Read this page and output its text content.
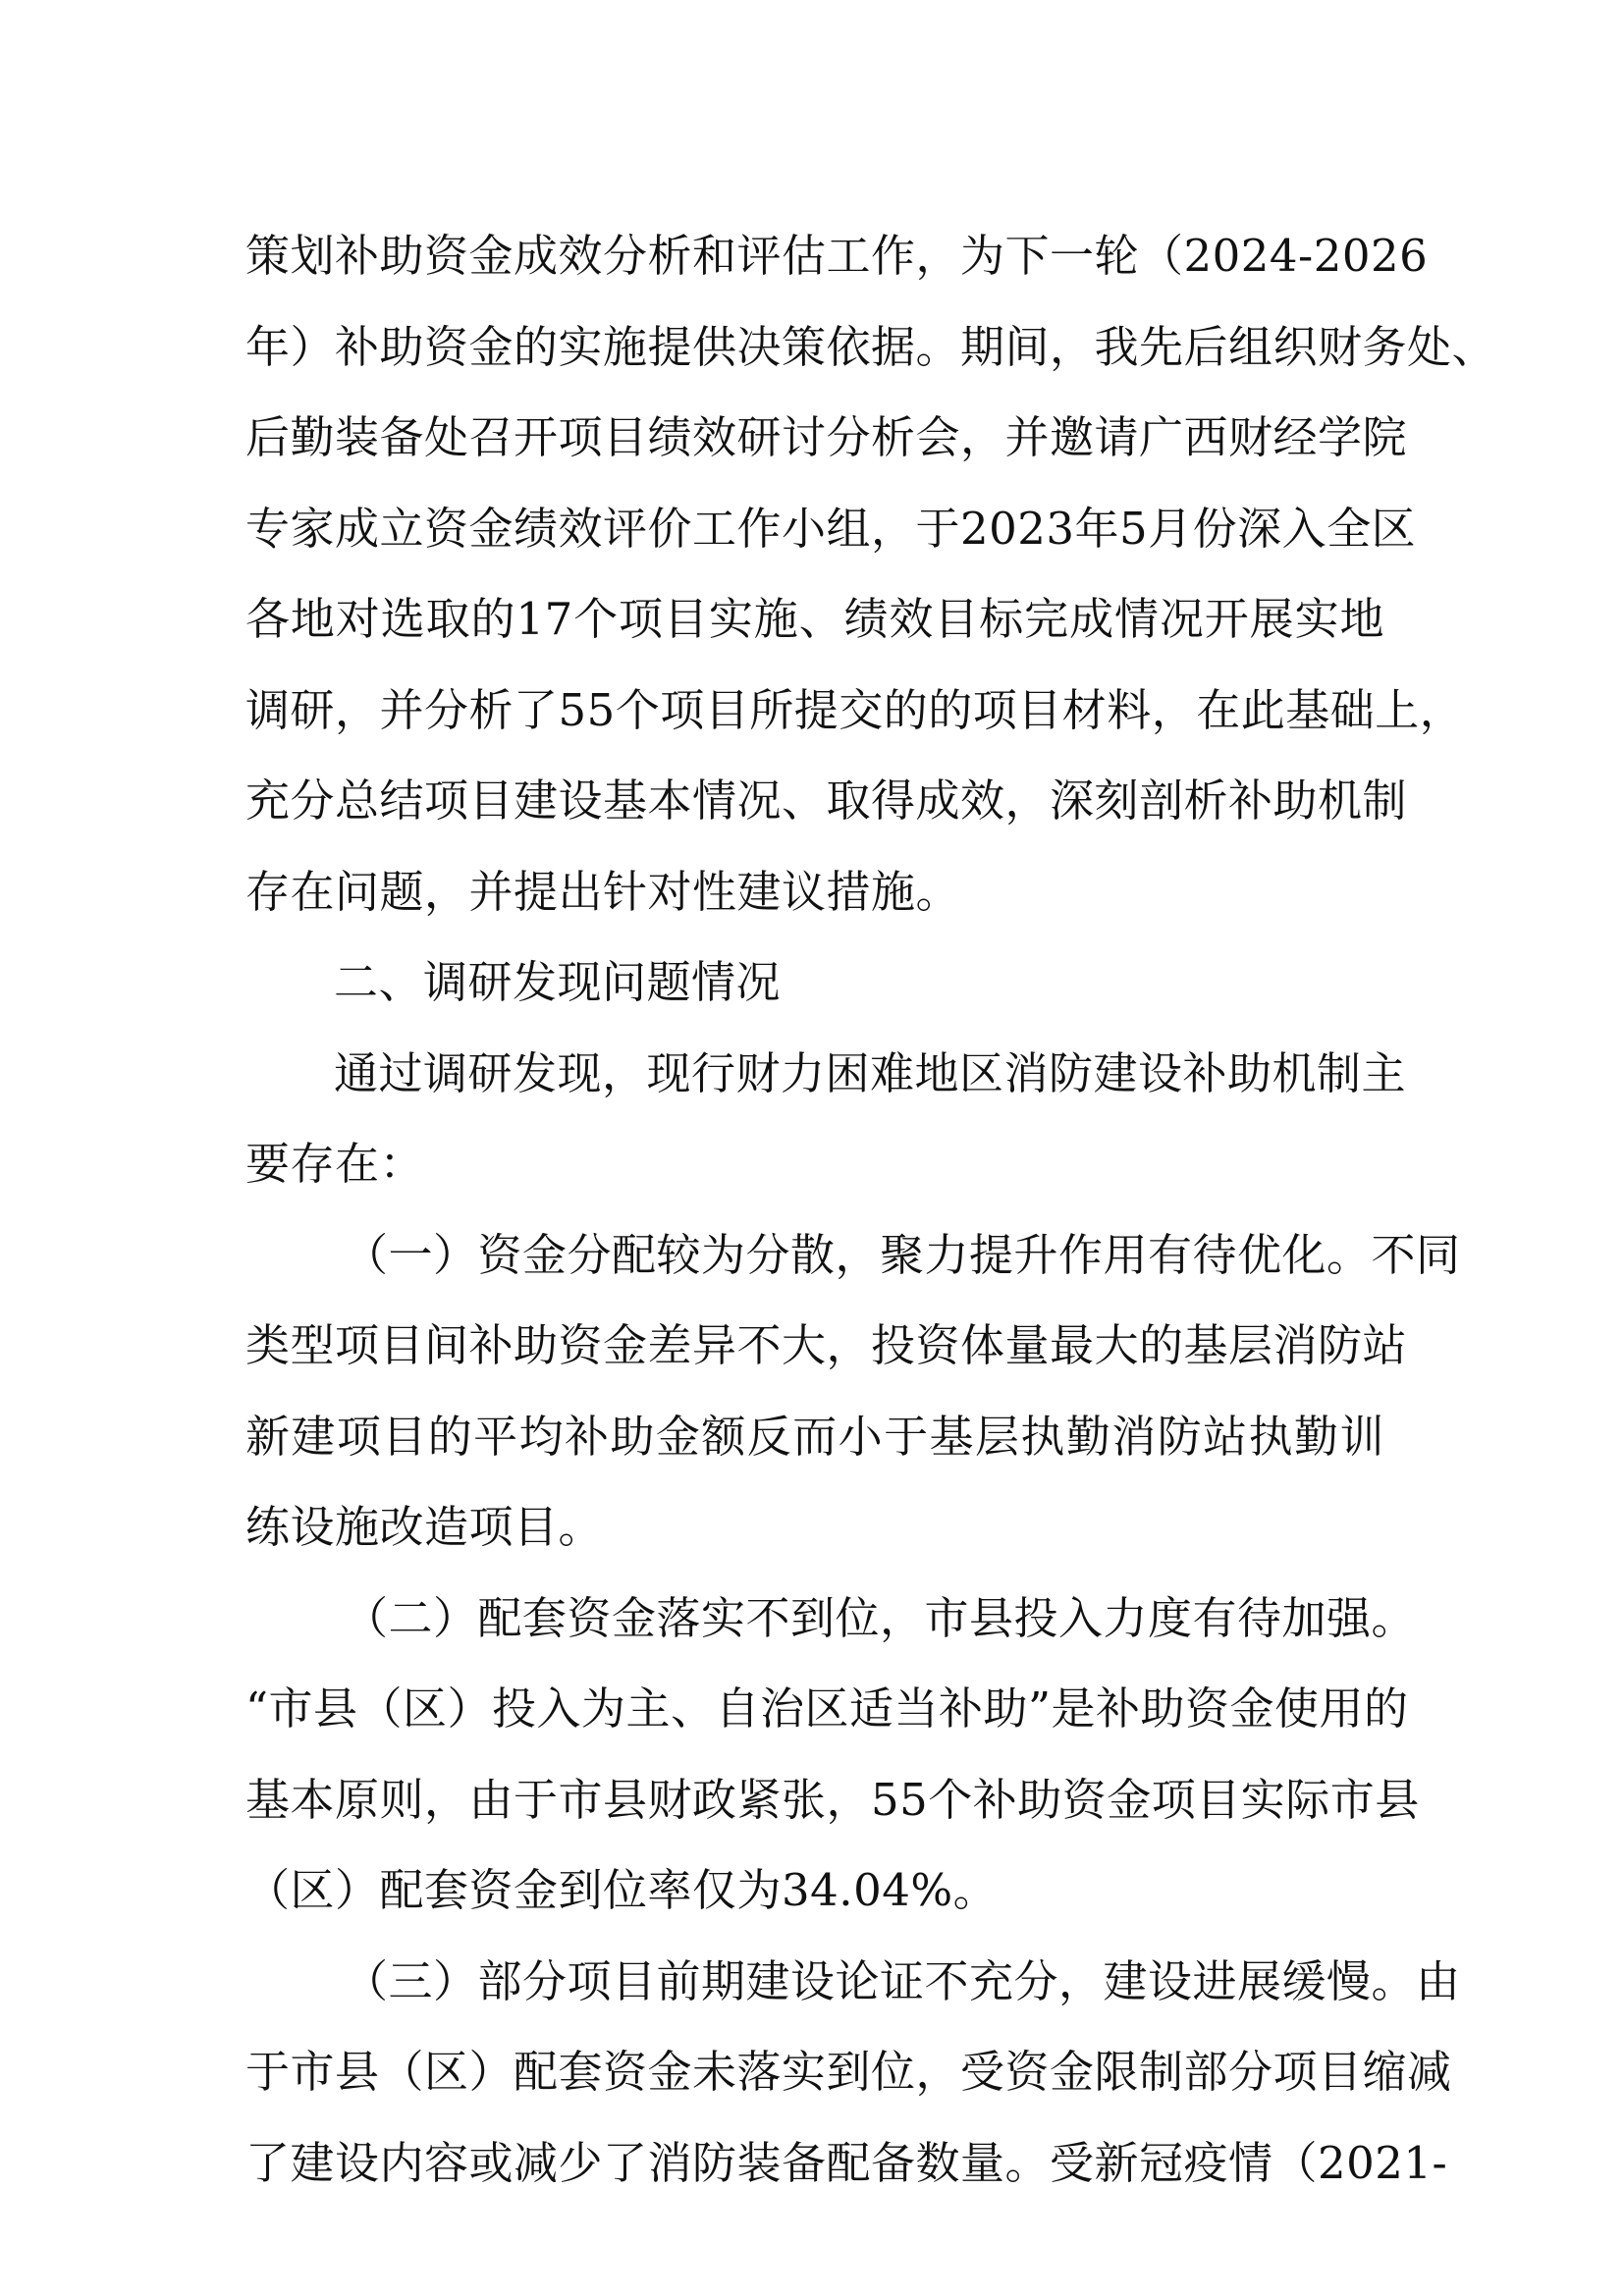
策划补助资金成效分析和评估工作，为下一轮（2024-2026
年）补助资金的实施提供决策依据。期间，我先后组织财务处、
后勤装备处召开项目绩效研讨分析会，并邀请广西财经学院
专家成立资金绩效评价工作小组，于2023年5月份深入全区
各地对选取的17个项目实施、绩效目标完成情况开展实地
调研，并分析了55个项目所提交的的项目材料，在此基础上，
充分总结项目建设基本情况、取得成效，深刻剖析补助机制
存在问题，并提出针对性建议措施。
二、调研发现问题情况
通过调研发现，现行财力困难地区消防建设补助机制主
要存在：
（一）资金分配较为分散，聚力提升作用有待优化。不同
类型项目间补助资金差异不大，投资体量最大的基层消防站
新建项目的平均补助金额反而小于基层执勤消防站执勤训
练设施改造项目。
（二）配套资金落实不到位，市县投入力度有待加强。
“市县（区）投入为主、自治区适当补助”是补助资金使用的
基本原则，由于市县财政紧张，55个补助资金项目实际市县
（区）配套资金到位率仅为34.04%。
（三）部分项目前期建设论证不充分，建设进展缓慢。由
于市县（区）配套资金未落实到位，受资金限制部分项目缩减
了建设内容或减少了消防装备配备数量。受新冠疫情（2021-
